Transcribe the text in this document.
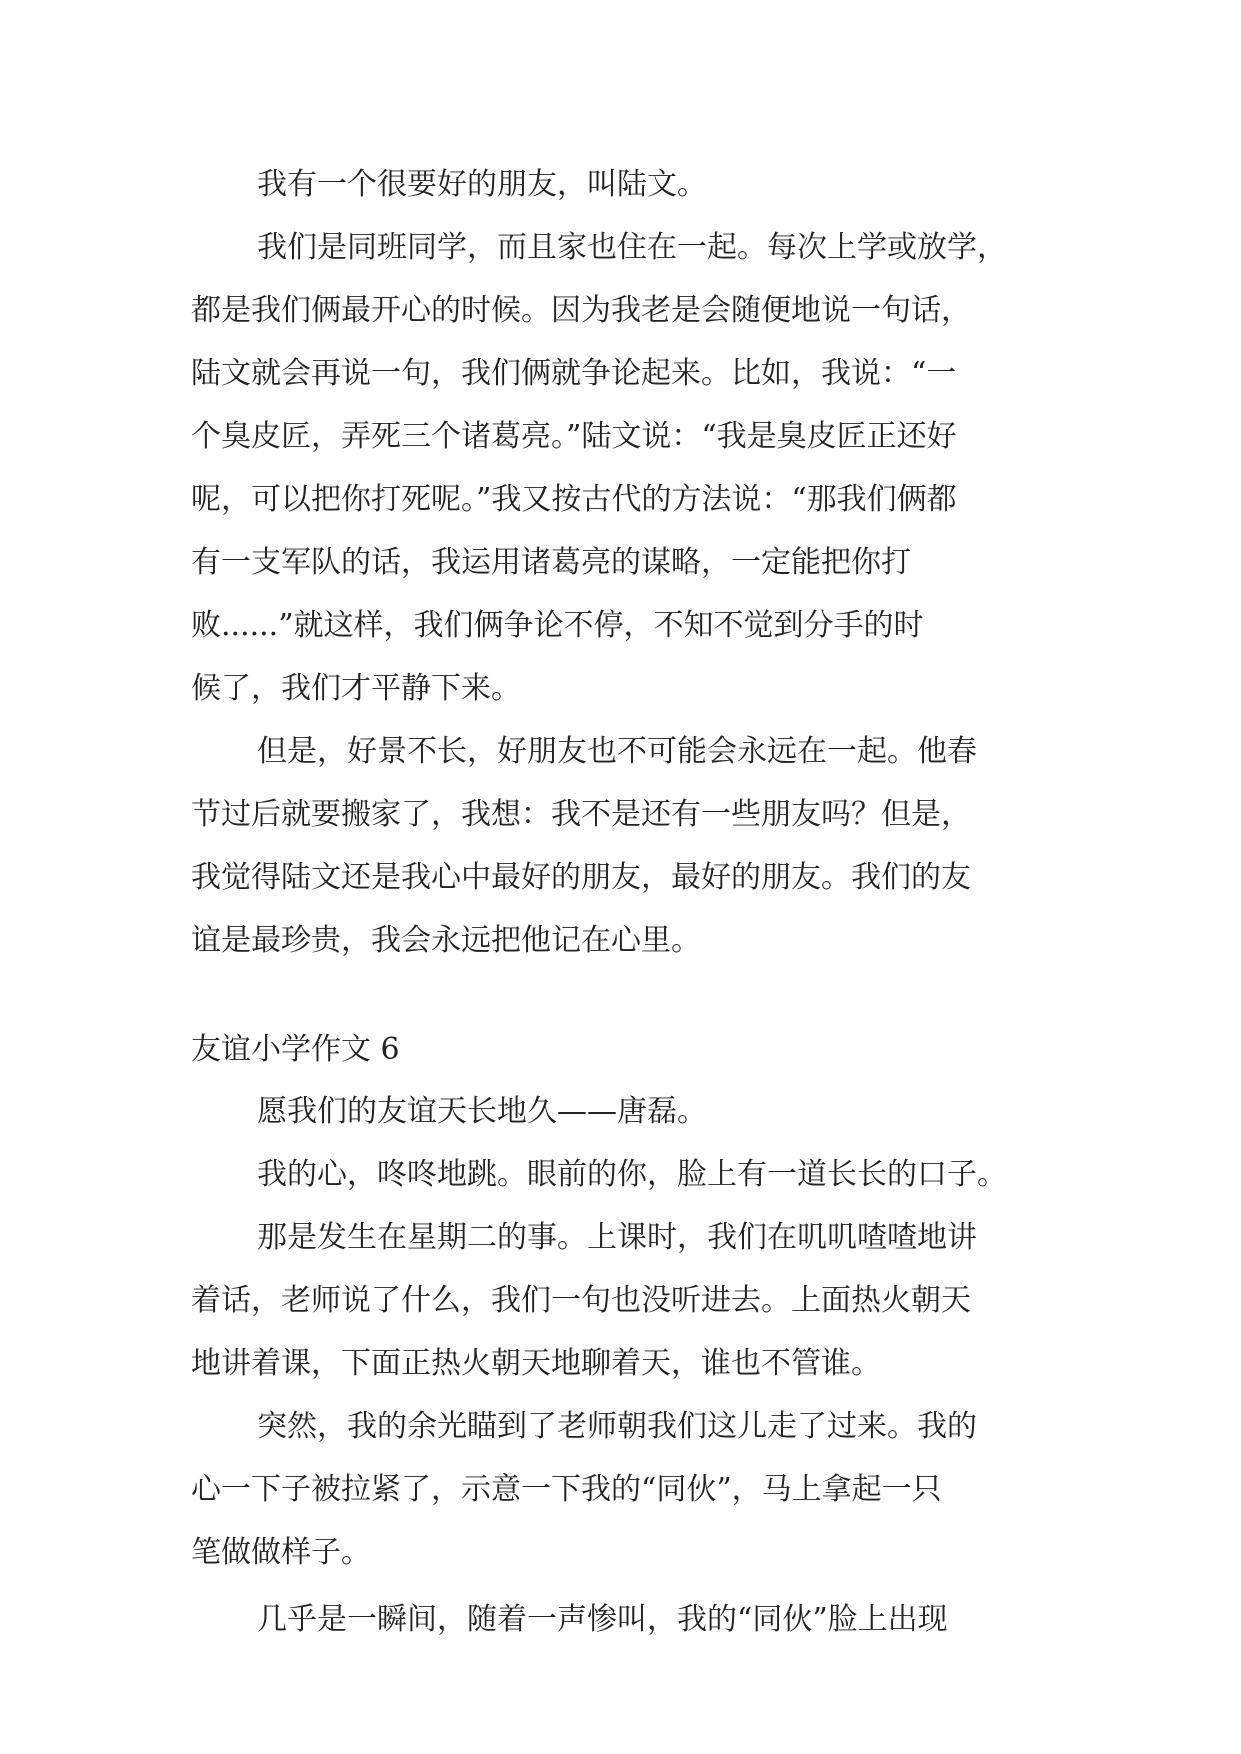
我有一个很要好的朋友，叫陆文。
我们是同班同学，而且家也住在一起。每次上学或放学，
都是我们俩最开心的时候。因为我老是会随便地说一句话，
陆文就会再说一句，我们俩就争论起来。比如，我说：“一
个臭皮匠，弄死三个诸葛亮。”陆文说：“我是臭皮匠正还好
呢，可以把你打死呢。”我又按古代的方法说：“那我们俩都
有一支军队的话，我运用诸葛亮的谋略，一定能把你打
败......”就这样，我们俩争论不停，不知不觉到分手的时
候了，我们才平静下来。
但是，好景不长，好朋友也不可能会永远在一起。他春
节过后就要搬家了，我想：我不是还有一些朋友吗？但是，
我觉得陆文还是我心中最好的朋友，最好的朋友。我们的友
谊是最珍贵，我会永远把他记在心里。
友谊小学作文 6
愿我们的友谊天长地久——唐磊。
我的心，咚咚地跳。眼前的你，脸上有一道长长的口子。
那是发生在星期二的事。上课时，我们在叽叽喳喳地讲
着话，老师说了什么，我们一句也没听进去。上面热火朝天
地讲着课，下面正热火朝天地聊着天，谁也不管谁。
突然，我的余光瞄到了老师朝我们这儿走了过来。我的
心一下子被拉紧了，示意一下我的“同伙”，马上拿起一只
笔做做样子。
几乎是一瞬间，随着一声惨叫，我的“同伙”脸上出现
